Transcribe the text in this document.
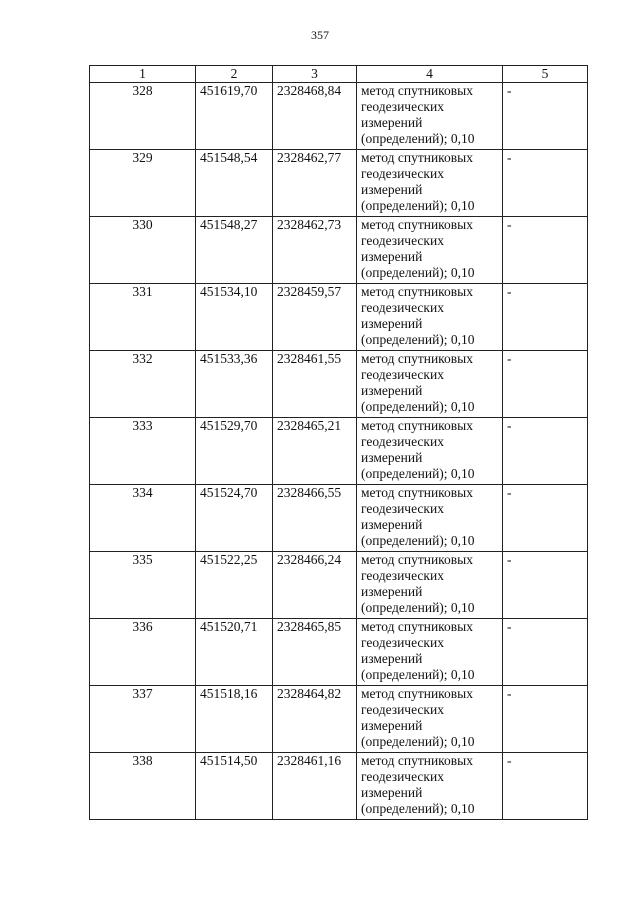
357
1	2	3	4	5
328	451619,70	2328468,84	метод спутниковых
геодезических
измерений
(определений); 0,10	-
329	451548,54	2328462,77	метод спутниковых
геодезических
измерений
(определений); 0,10	-
330	451548,27	2328462,73	метод спутниковых
геодезических
измерений
(определений); 0,10	-
331	451534,10	2328459,57	метод спутниковых
геодезических
измерений
(определений); 0,10	-
332	451533,36	2328461,55	метод спутниковых
геодезических
измерений
(определений); 0,10	-
333	451529,70	2328465,21	метод спутниковых
геодезических
измерений
(определений); 0,10	-
334	451524,70	2328466,55	метод спутниковых
геодезических
измерений
(определений); 0,10	-
335	451522,25	2328466,24	метод спутниковых
геодезических
измерений
(определений); 0,10	-
336	451520,71	2328465,85	метод спутниковых
геодезических
измерений
(определений); 0,10	-
337	451518,16	2328464,82	метод спутниковых
геодезических
измерений
(определений); 0,10	-
338	451514,50	2328461,16	метод спутниковых
геодезических
измерений
(определений); 0,10	-
